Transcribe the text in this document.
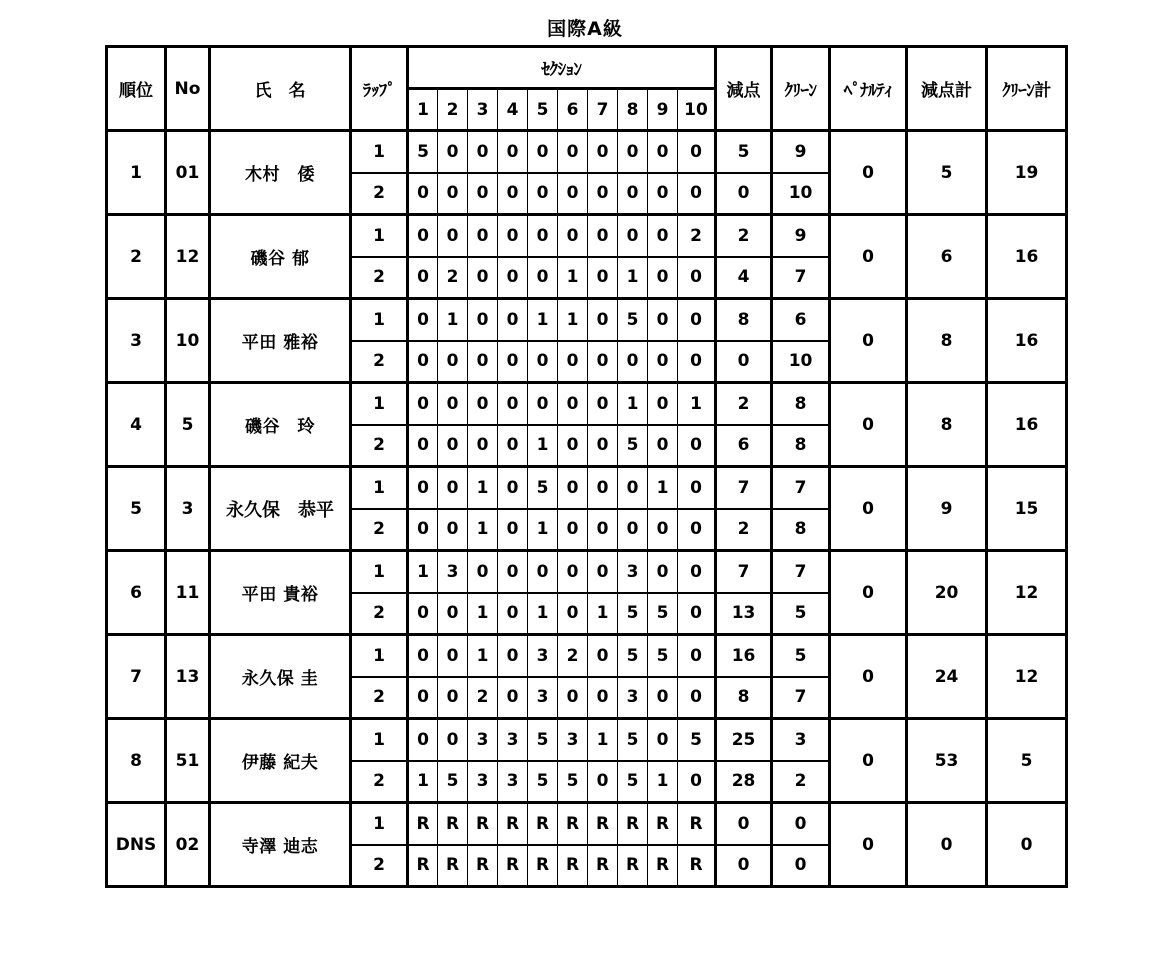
国際A級
順位	No	氏　名	ﾗｯﾌﾟ	ｾｸｼｮﾝ										減点	ｸﾘｰﾝ	ﾍﾟﾅﾙﾃｨ	減点計	ｸﾘｰﾝ計
				1	2	3	4	5	6	7	8	9	10					
1	01	木村　倭	1	5	0	0	0	0	0	0	0	0	0	5	9	0	5	19
			2	0	0	0	0	0	0	0	0	0	0	0	10			
2	12	磯谷 郁	1	0	0	0	0	0	0	0	0	0	2	2	9	0	6	16
			2	0	2	0	0	0	1	0	1	0	0	4	7			
3	10	平田 雅裕	1	0	1	0	0	1	1	0	5	0	0	8	6	0	8	16
			2	0	0	0	0	0	0	0	0	0	0	0	10			
4	5	磯谷　玲	1	0	0	0	0	0	0	0	1	0	1	2	8	0	8	16
			2	0	0	0	0	1	0	0	5	0	0	6	8			
5	3	永久保　恭平	1	0	0	1	0	5	0	0	0	1	0	7	7	0	9	15
			2	0	0	1	0	1	0	0	0	0	0	2	8			
6	11	平田 貴裕	1	1	3	0	0	0	0	0	3	0	0	7	7	0	20	12
			2	0	0	1	0	1	0	1	5	5	0	13	5			
7	13	永久保 圭	1	0	0	1	0	3	2	0	5	5	0	16	5	0	24	12
			2	0	0	2	0	3	0	0	3	0	0	8	7			
8	51	伊藤 紀夫	1	0	0	3	3	5	3	1	5	0	5	25	3	0	53	5
			2	1	5	3	3	5	5	0	5	1	0	28	2			
DNS	02	寺澤 迪志	1	R	R	R	R	R	R	R	R	R	R	0	0	0	0	0
			2	R	R	R	R	R	R	R	R	R	R	0	0			
